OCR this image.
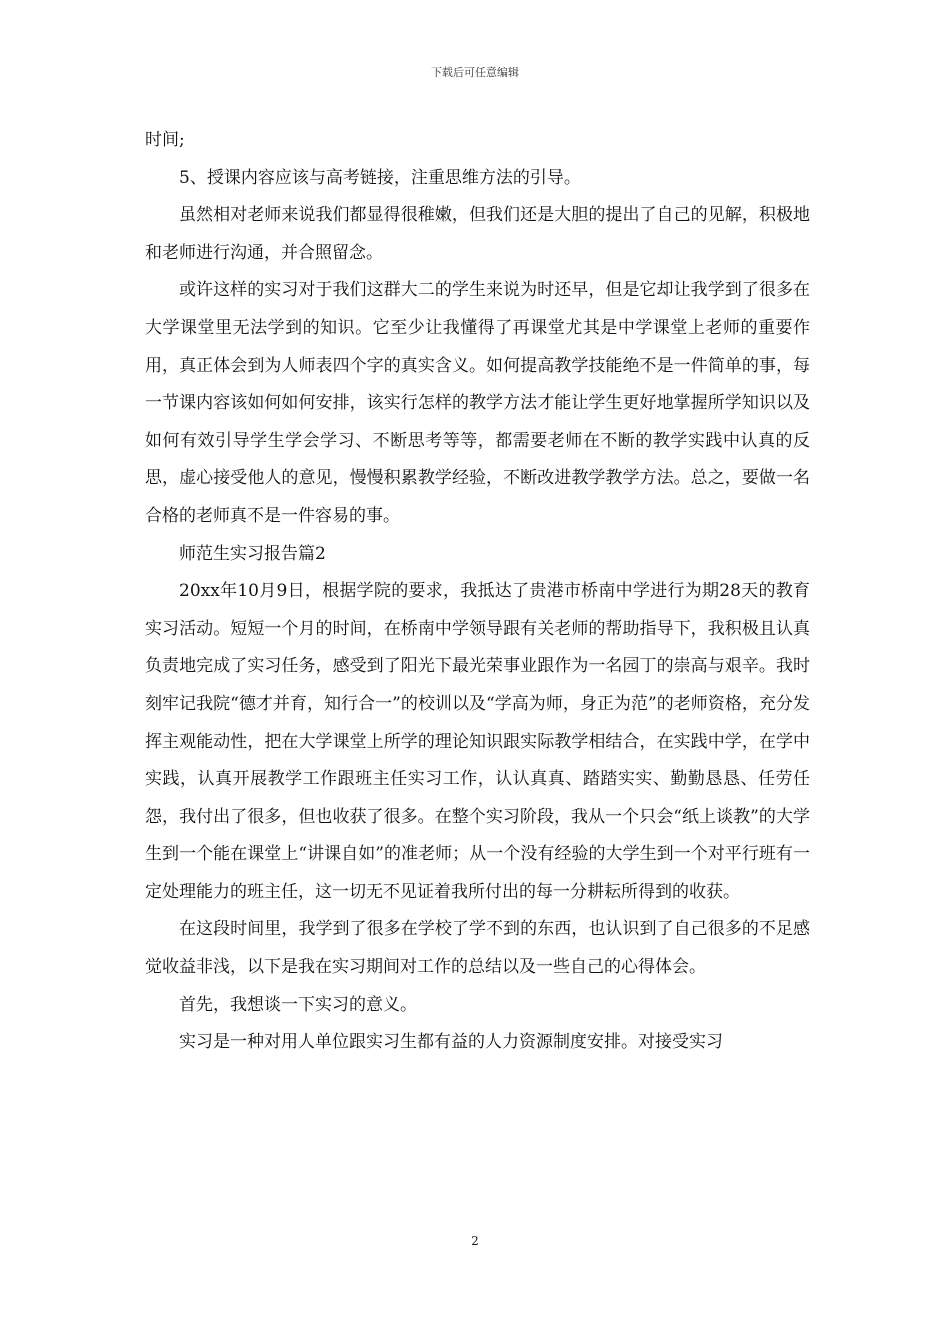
下载后可任意编辑

时间;

5、授课内容应该与高考链接，注重思维方法的引导。

虽然相对老师来说我们都显得很稚嫩，但我们还是大胆的提出了自己的见解，积极地和老师进行沟通，并合照留念。

或许这样的实习对于我们这群大二的学生来说为时还早，但是它却让我学到了很多在大学课堂里无法学到的知识。它至少让我懂得了再课堂尤其是中学课堂上老师的重要作用，真正体会到为人师表四个字的真实含义。如何提高教学技能绝不是一件简单的事，每一节课内容该如何如何安排，该实行怎样的教学方法才能让学生更好地掌握所学知识以及如何有效引导学生学会学习、不断思考等等，都需要老师在不断的教学实践中认真的反思，虚心接受他人的意见，慢慢积累教学经验，不断改进教学教学方法。总之，要做一名合格的老师真不是一件容易的事。

师范生实习报告篇2

20xx年10月9日，根据学院的要求，我抵达了贵港市桥南中学进行为期28天的教育实习活动。短短一个月的时间，在桥南中学领导跟有关老师的帮助指导下，我积极且认真负责地完成了实习任务，感受到了阳光下最光荣事业跟作为一名园丁的崇高与艰辛。我时刻牢记我院“德才并育，知行合一”的校训以及“学高为师，身正为范”的老师资格，充分发挥主观能动性，把在大学课堂上所学的理论知识跟实际教学相结合，在实践中学，在学中实践，认真开展教学工作跟班主任实习工作，认认真真、踏踏实实、勤勤恳恳、任劳任怨，我付出了很多，但也收获了很多。在整个实习阶段，我从一个只会“纸上谈教”的大学生到一个能在课堂上“讲课自如”的准老师；从一个没有经验的大学生到一个对平行班有一定处理能力的班主任，这一切无不见证着我所付出的每一分耕耘所得到的收获。

在这段时间里，我学到了很多在学校了学不到的东西，也认识到了自己很多的不足感觉收益非浅，以下是我在实习期间对工作的总结以及一些自己的心得体会。

首先，我想谈一下实习的意义。

实习是一种对用人单位跟实习生都有益的人力资源制度安排。对接受实习

2
